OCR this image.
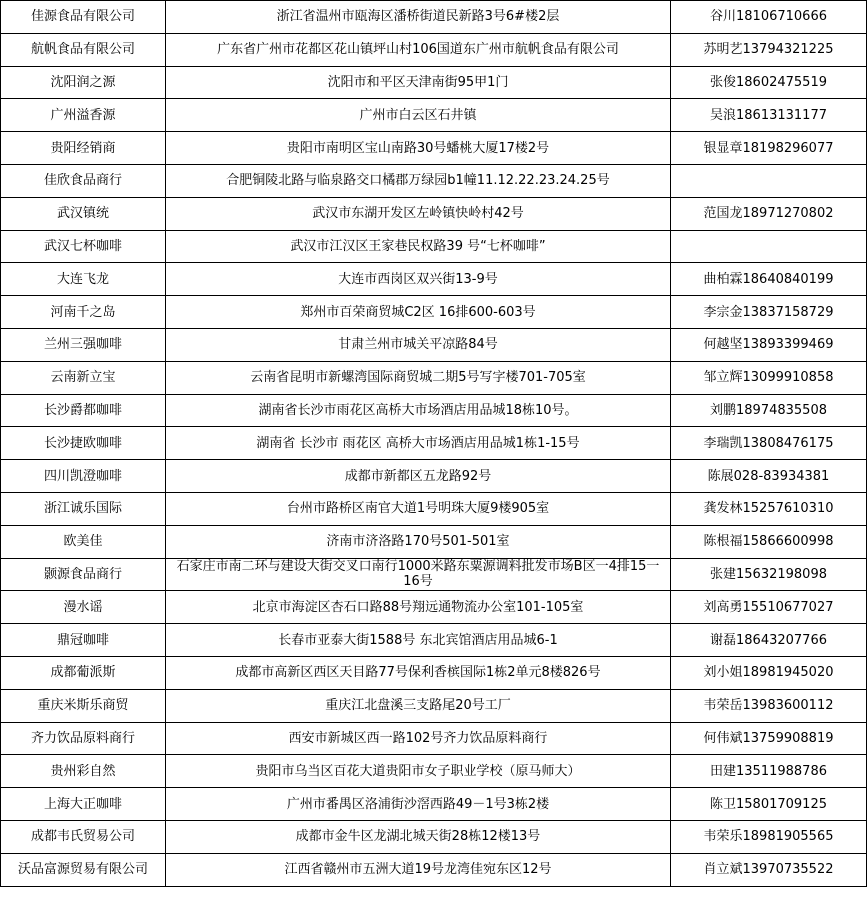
佳源食品有限公司	浙江省温州市瓯海区潘桥街道民新路3号6#楼2层	谷川18106710666
航帆食品有限公司	广东省广州市花都区花山镇坪山村106国道东广州市航帆食品有限公司	苏明艺13794321225
沈阳润之源	沈阳市和平区天津南街95甲1门	张俊18602475519
广州溢香源	广州市白云区石井镇	吴浪18613131177
贵阳经销商	贵阳市南明区宝山南路30号蟠桃大厦17楼2号	银显章18198296077
佳欣食品商行	合肥铜陵北路与临泉路交口橘郡万绿园b1幢11.12.22.23.24.25号	
武汉镇统	武汉市东湖开发区左岭镇快岭村42号	范国龙18971270802
武汉七杯咖啡	武汉市江汉区王家巷民权路39 号“七杯咖啡”	
大连飞龙	大连市西岗区双兴街13-9号	曲柏霖18640840199
河南千之岛	郑州市百荣商贸城C2区 16排600-603号	李宗金13837158729
兰州三强咖啡	甘肃兰州市城关平凉路84号	何越坚13893399469
云南新立宝	云南省昆明市新螺湾国际商贸城二期5号写字楼701-705室	邹立辉13099910858
长沙爵都咖啡	湖南省长沙市雨花区高桥大市场酒店用品城18栋10号。	刘鹏18974835508
长沙捷欧咖啡	湖南省 长沙市 雨花区 高桥大市场酒店用品城1栋1-15号	李瑞凯13808476175
四川凯澄咖啡	成都市新都区五龙路92号	陈展028-83934381
浙江诚乐国际	台州市路桥区南官大道1号明珠大厦9楼905室	龚发林15257610310
欧美佳	济南市济洛路170号501-501室	陈根福15866600998
颢源食品商行	石家庄市南二环与建设大街交叉口南行1000米路东粟源调料批发市场B区一4排15一16号	张建15632198098
漫水谣	北京市海淀区杏石口路88号翔远通物流办公室101-105室	刘高勇15510677027
鼎冠咖啡	长春市亚泰大街1588号 东北宾馆酒店用品城6-1	谢磊18643207766
成都葡派斯	成都市高新区西区天目路77号保利香槟国际1栋2单元8楼826号	刘小姐18981945020
重庆米斯乐商贸	重庆江北盘溪三支路尾20号工厂	韦荣岳13983600112
齐力饮品原料商行	西安市新城区西一路102号齐力饮品原料商行	何伟斌13759908819
贵州彩自然	贵阳市乌当区百花大道贵阳市女子职业学校（原马师大）	田建13511988786
上海大正咖啡	广州市番禺区洛浦街沙滘西路49－1号3栋2楼	陈卫15801709125
成都韦氏贸易公司	成都市金牛区龙湖北城天街28栋12楼13号	韦荣乐18981905565
沃品富源贸易有限公司	江西省赣州市五洲大道19号龙湾佳宛东区12号	肖立斌13970735522
